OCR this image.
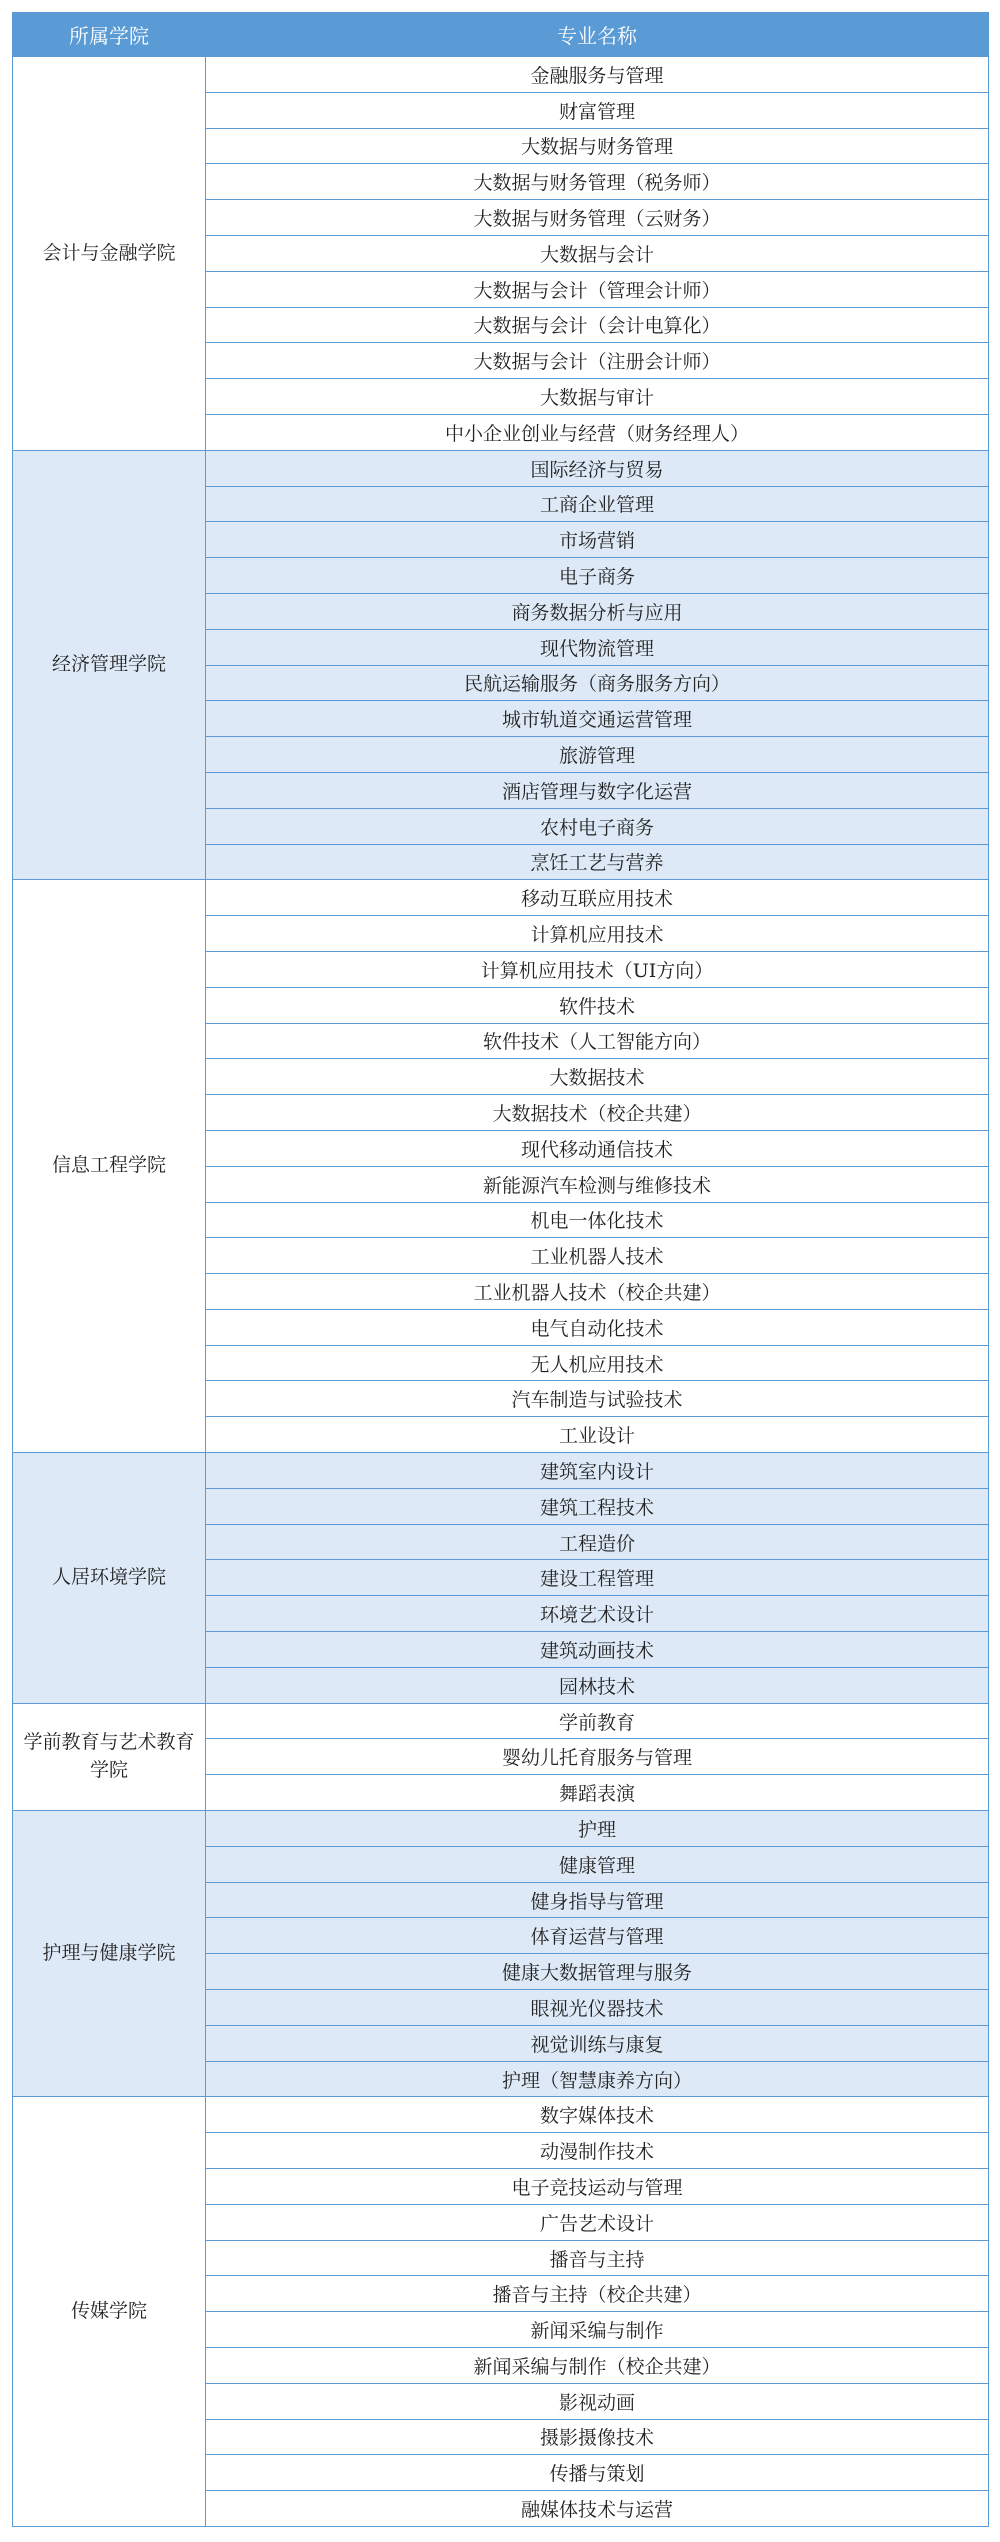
所属学院	专业名称
会计与金融学院	金融服务与管理
	财富管理
	大数据与财务管理
	大数据与财务管理（税务师）
	大数据与财务管理（云财务）
	大数据与会计
	大数据与会计（管理会计师）
	大数据与会计（会计电算化）
	大数据与会计（注册会计师）
	大数据与审计
	中小企业创业与经营（财务经理人）
经济管理学院	国际经济与贸易
	工商企业管理
	市场营销
	电子商务
	商务数据分析与应用
	现代物流管理
	民航运输服务（商务服务方向）
	城市轨道交通运营管理
	旅游管理
	酒店管理与数字化运营
	农村电子商务
	烹饪工艺与营养
信息工程学院	移动互联应用技术
	计算机应用技术
	计算机应用技术（UI方向）
	软件技术
	软件技术（人工智能方向）
	大数据技术
	大数据技术（校企共建）
	现代移动通信技术
	新能源汽车检测与维修技术
	机电一体化技术
	工业机器人技术
	工业机器人技术（校企共建）
	电气自动化技术
	无人机应用技术
	汽车制造与试验技术
	工业设计
人居环境学院	建筑室内设计
	建筑工程技术
	工程造价
	建设工程管理
	环境艺术设计
	建筑动画技术
	园林技术
学前教育与艺术教育学院	学前教育
	婴幼儿托育服务与管理
	舞蹈表演
护理与健康学院	护理
	健康管理
	健身指导与管理
	体育运营与管理
	健康大数据管理与服务
	眼视光仪器技术
	视觉训练与康复
	护理（智慧康养方向）
传媒学院	数字媒体技术
	动漫制作技术
	电子竞技运动与管理
	广告艺术设计
	播音与主持
	播音与主持（校企共建）
	新闻采编与制作
	新闻采编与制作（校企共建）
	影视动画
	摄影摄像技术
	传播与策划
	融媒体技术与运营
